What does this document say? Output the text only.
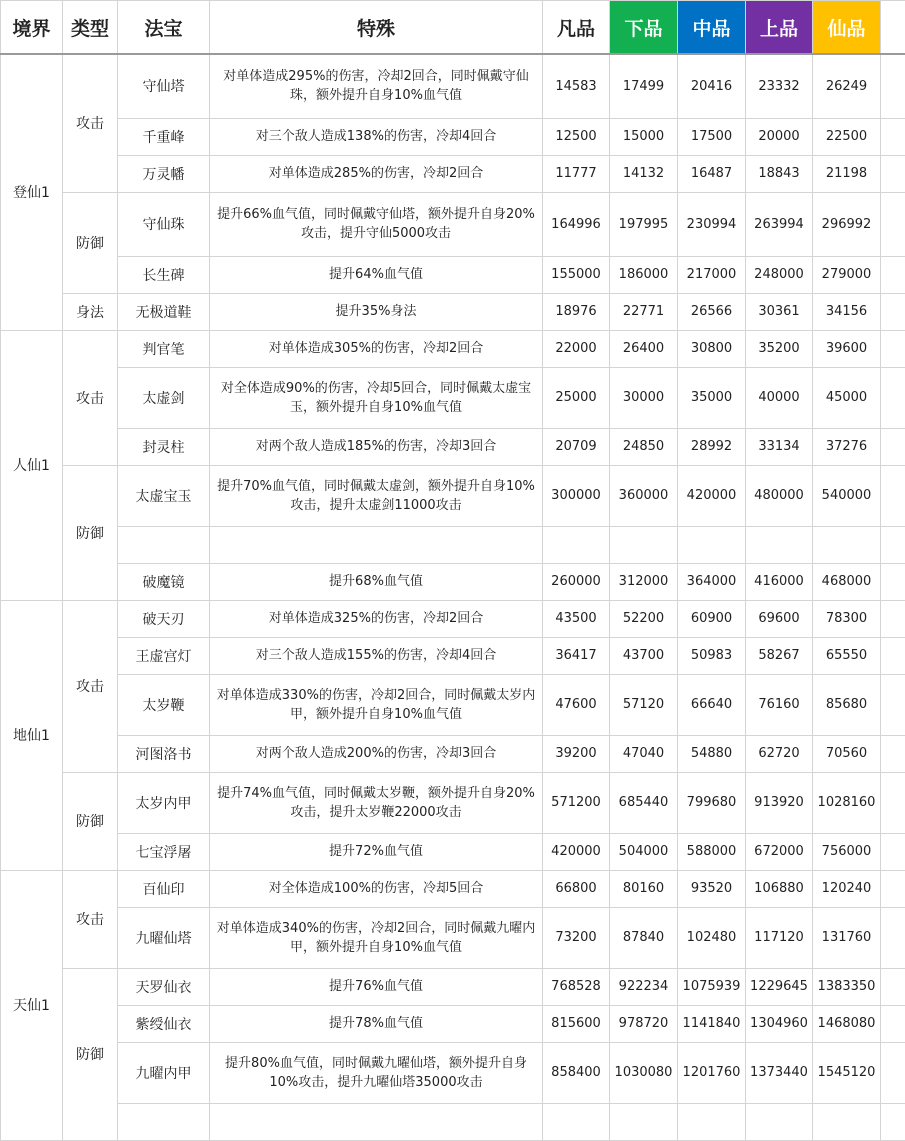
境界	类型	法宝	特殊	凡品	下品	中品	上品	仙品	
登仙1	攻击	守仙塔	对单体造成295%的伤害，冷却2回合，同时佩戴守仙珠，额外提升自身10%血气值	14583	17499	20416	23332	26249	
		千重峰	对三个敌人造成138%的伤害，冷却4回合	12500	15000	17500	20000	22500	
		万灵幡	对单体造成285%的伤害，冷却2回合	11777	14132	16487	18843	21198	
	防御	守仙珠	提升66%血气值，同时佩戴守仙塔，额外提升自身20%攻击，提升守仙5000攻击	164996	197995	230994	263994	296992	
		长生碑	提升64%血气值	155000	186000	217000	248000	279000	
	身法	无极道鞋	提升35%身法	18976	22771	26566	30361	34156	
人仙1	攻击	判官笔	对单体造成305%的伤害，冷却2回合	22000	26400	30800	35200	39600	
		太虚剑	对全体造成90%的伤害，冷却5回合，同时佩戴太虚宝玉，额外提升自身10%血气值	25000	30000	35000	40000	45000	
		封灵柱	对两个敌人造成185%的伤害，冷却3回合	20709	24850	28992	33134	37276	
	防御	太虚宝玉	提升70%血气值，同时佩戴太虚剑，额外提升自身10%攻击，提升太虚剑11000攻击	300000	360000	420000	480000	540000	

		破魔镜	提升68%血气值	260000	312000	364000	416000	468000	
地仙1	攻击	破天刃	对单体造成325%的伤害，冷却2回合	43500	52200	60900	69600	78300	
		王虚宫灯	对三个敌人造成155%的伤害，冷却4回合	36417	43700	50983	58267	65550	
		太岁鞭	对单体造成330%的伤害，冷却2回合，同时佩戴太岁内甲，额外提升自身10%血气值	47600	57120	66640	76160	85680	
		河图洛书	对两个敌人造成200%的伤害，冷却3回合	39200	47040	54880	62720	70560	
	防御	太岁内甲	提升74%血气值，同时佩戴太岁鞭，额外提升自身20%攻击，提升太岁鞭22000攻击	571200	685440	799680	913920	1028160	
		七宝浮屠	提升72%血气值	420000	504000	588000	672000	756000	
天仙1	攻击	百仙印	对全体造成100%的伤害，冷却5回合	66800	80160	93520	106880	120240	
		九曜仙塔	对单体造成340%的伤害，冷却2回合，同时佩戴九曜内甲，额外提升自身10%血气值	73200	87840	102480	117120	131760	
	防御	天罗仙衣	提升76%血气值	768528	922234	1075939	1229645	1383350	
		紫绶仙衣	提升78%血气值	815600	978720	1141840	1304960	1468080	
		九曜内甲	提升80%血气值，同时佩戴九曜仙塔，额外提升自身10%攻击，提升九曜仙塔35000攻击	858400	1030080	1201760	1373440	1545120	
